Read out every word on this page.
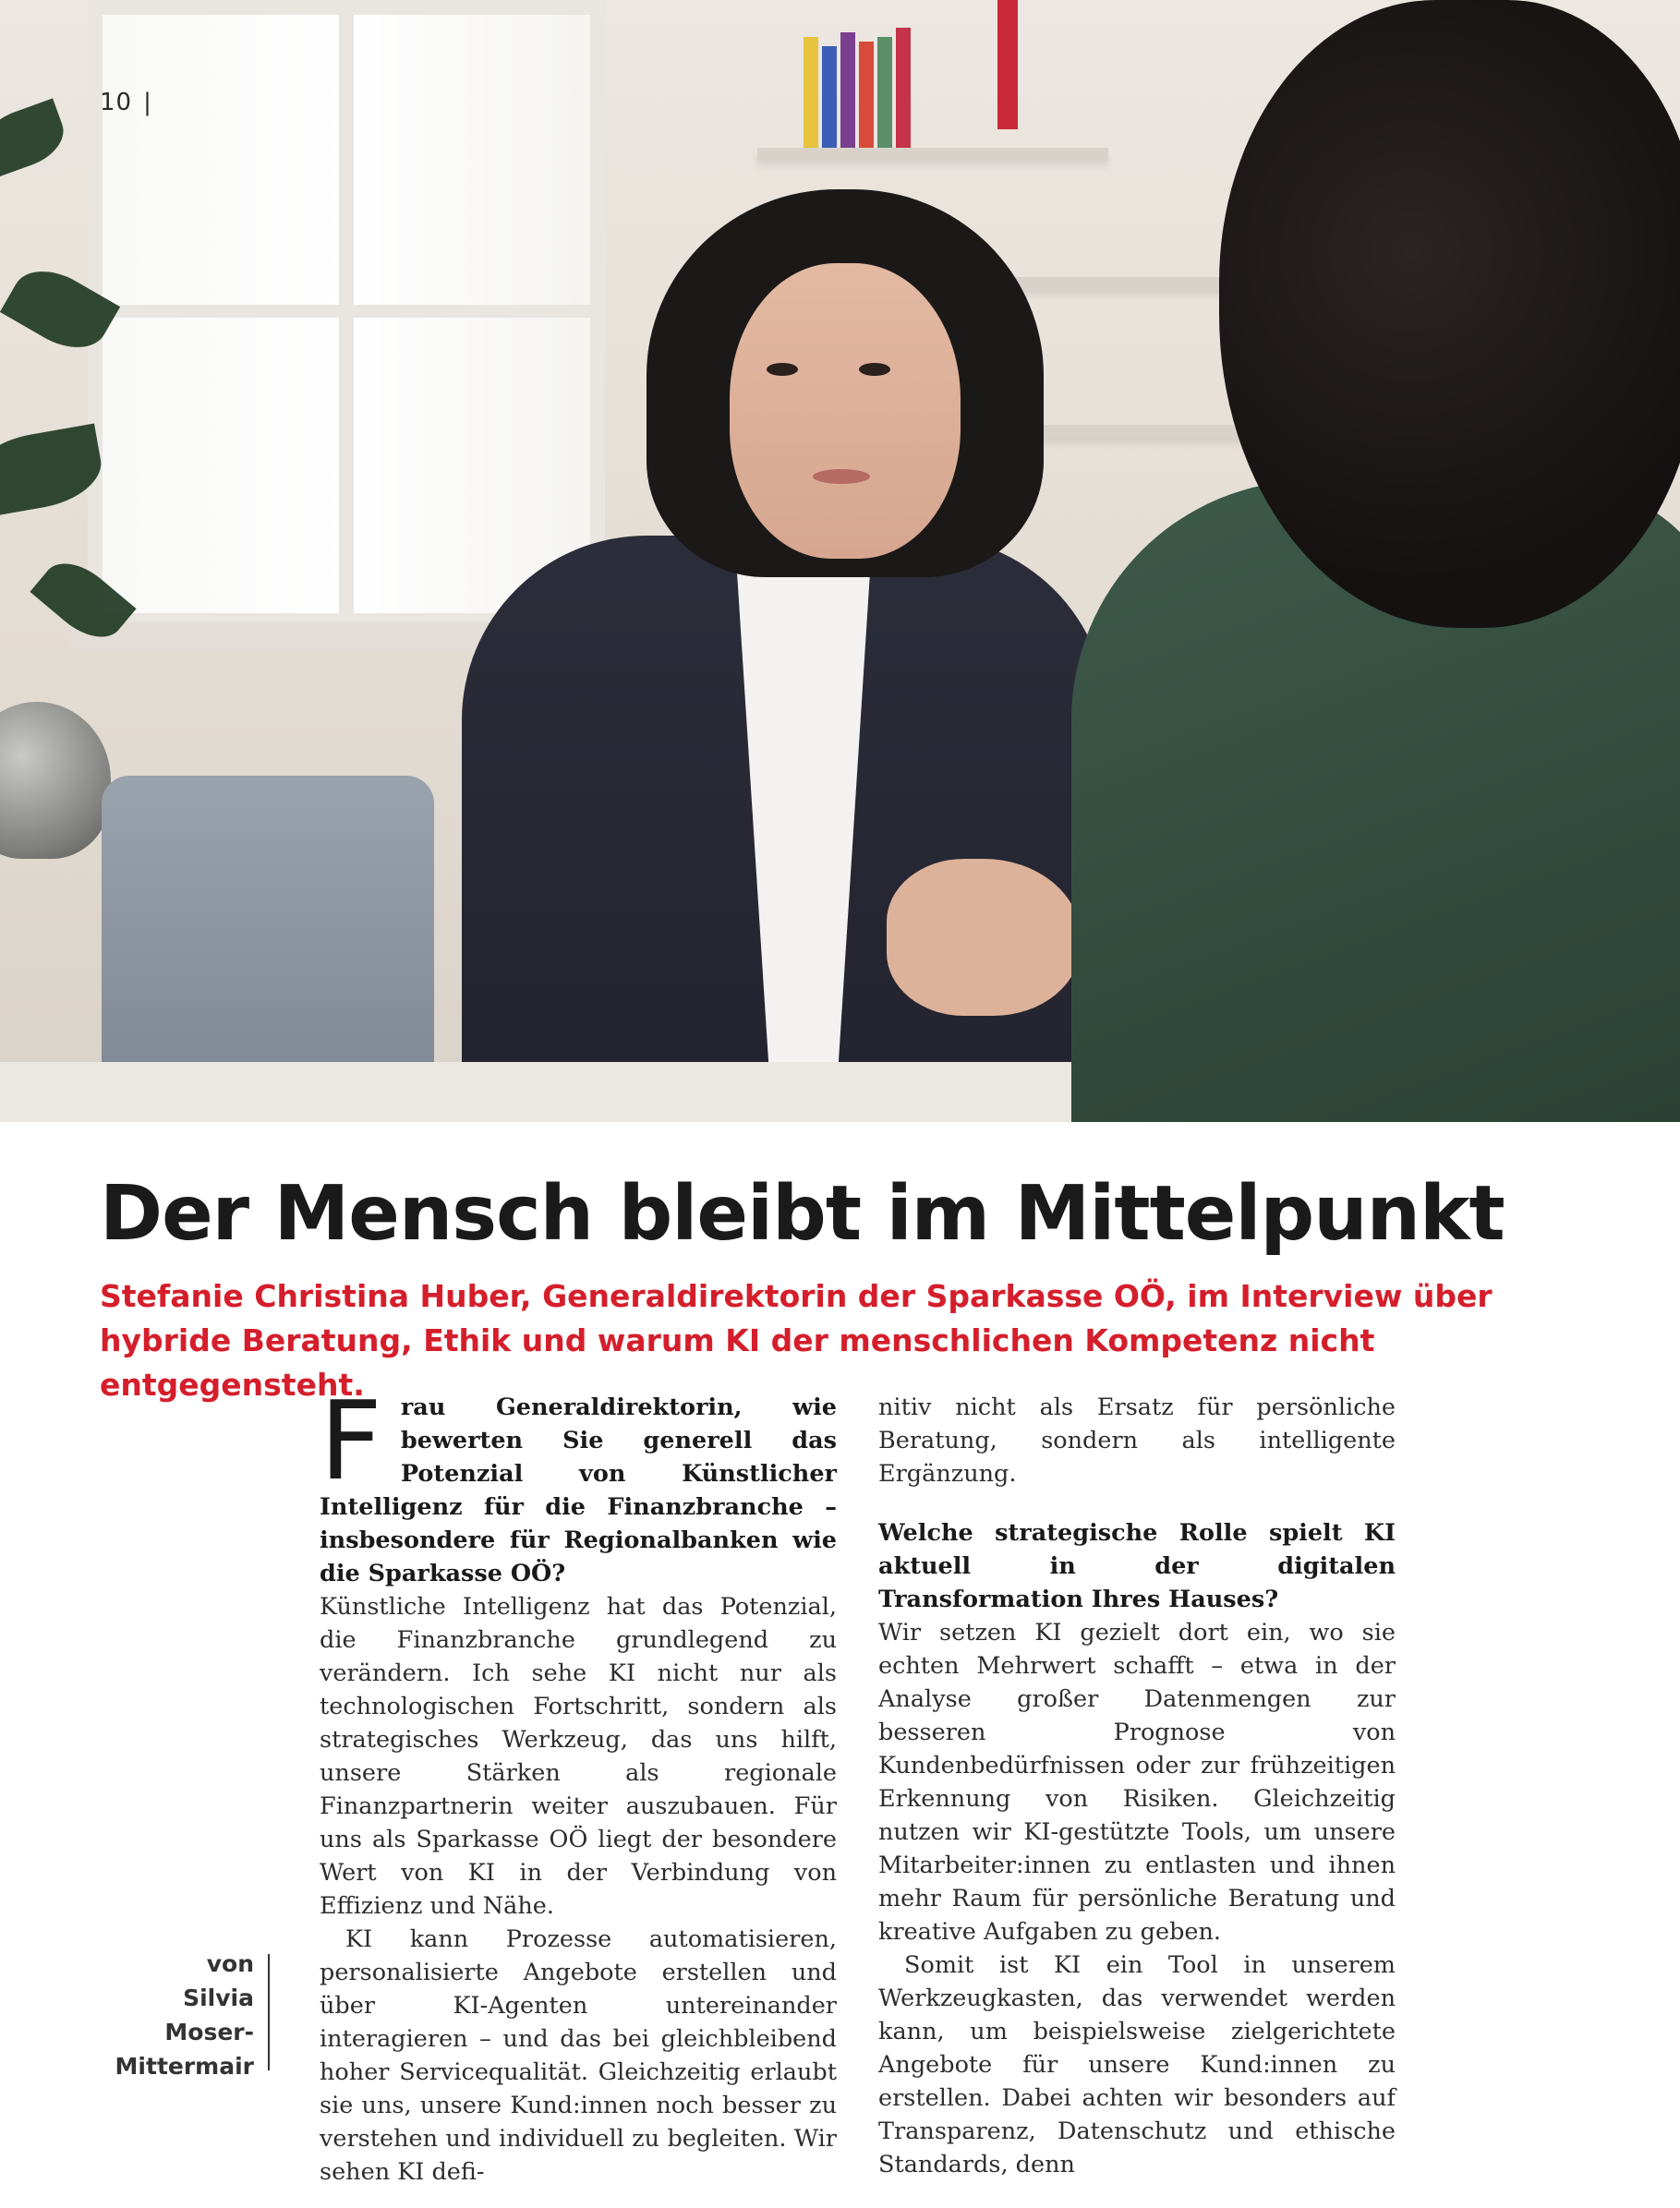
10 |
Der Mensch bleibt im Mittelpunkt

Stefanie Christina Huber, Generaldirektorin der Sparkasse OÖ, im Interview über hybride Beratung, Ethik und warum KI der menschlichen Kompetenz nicht entgegensteht.

von
Silvia
Moser-
Mittermair

Frau Generaldirektorin, wie bewerten Sie generell das Potenzial von Künstlicher Intelligenz für die Finanzbranche – insbesondere für Regionalbanken wie die Sparkasse OÖ?

Künstliche Intelligenz hat das Potenzial, die Finanzbranche grundlegend zu verändern. Ich sehe KI nicht nur als technologischen Fortschritt, sondern als strategisches Werkzeug, das uns hilft, unsere Stärken als regionale Finanzpartnerin weiter auszubauen. Für uns als Sparkasse OÖ liegt der besondere Wert von KI in der Verbindung von Effizienz und Nähe.

KI kann Prozesse automatisieren, personalisierte Angebote erstellen und über KI-Agenten untereinander interagieren – und das bei gleichbleibend hoher Servicequalität. Gleichzeitig erlaubt sie uns, unsere Kund:innen noch besser zu verstehen und individuell zu begleiten. Wir sehen KI defi-

nitiv nicht als Ersatz für persönliche Beratung, sondern als intelligente Ergänzung.

Welche strategische Rolle spielt KI aktuell in der digitalen Transformation Ihres Hauses?

Wir setzen KI gezielt dort ein, wo sie echten Mehrwert schafft – etwa in der Analyse großer Datenmengen zur besseren Prognose von Kundenbedürfnissen oder zur frühzeitigen Erkennung von Risiken. Gleichzeitig nutzen wir KI-gestützte Tools, um unsere Mitarbeiter:innen zu entlasten und ihnen mehr Raum für persönliche Beratung und kreative Aufgaben zu geben.

Somit ist KI ein Tool in unserem Werkzeugkasten, das verwendet werden kann, um beispielsweise zielgerichtete Angebote für unsere Kund:innen zu erstellen. Dabei achten wir besonders auf Transparenz, Datenschutz und ethische Standards, denn
